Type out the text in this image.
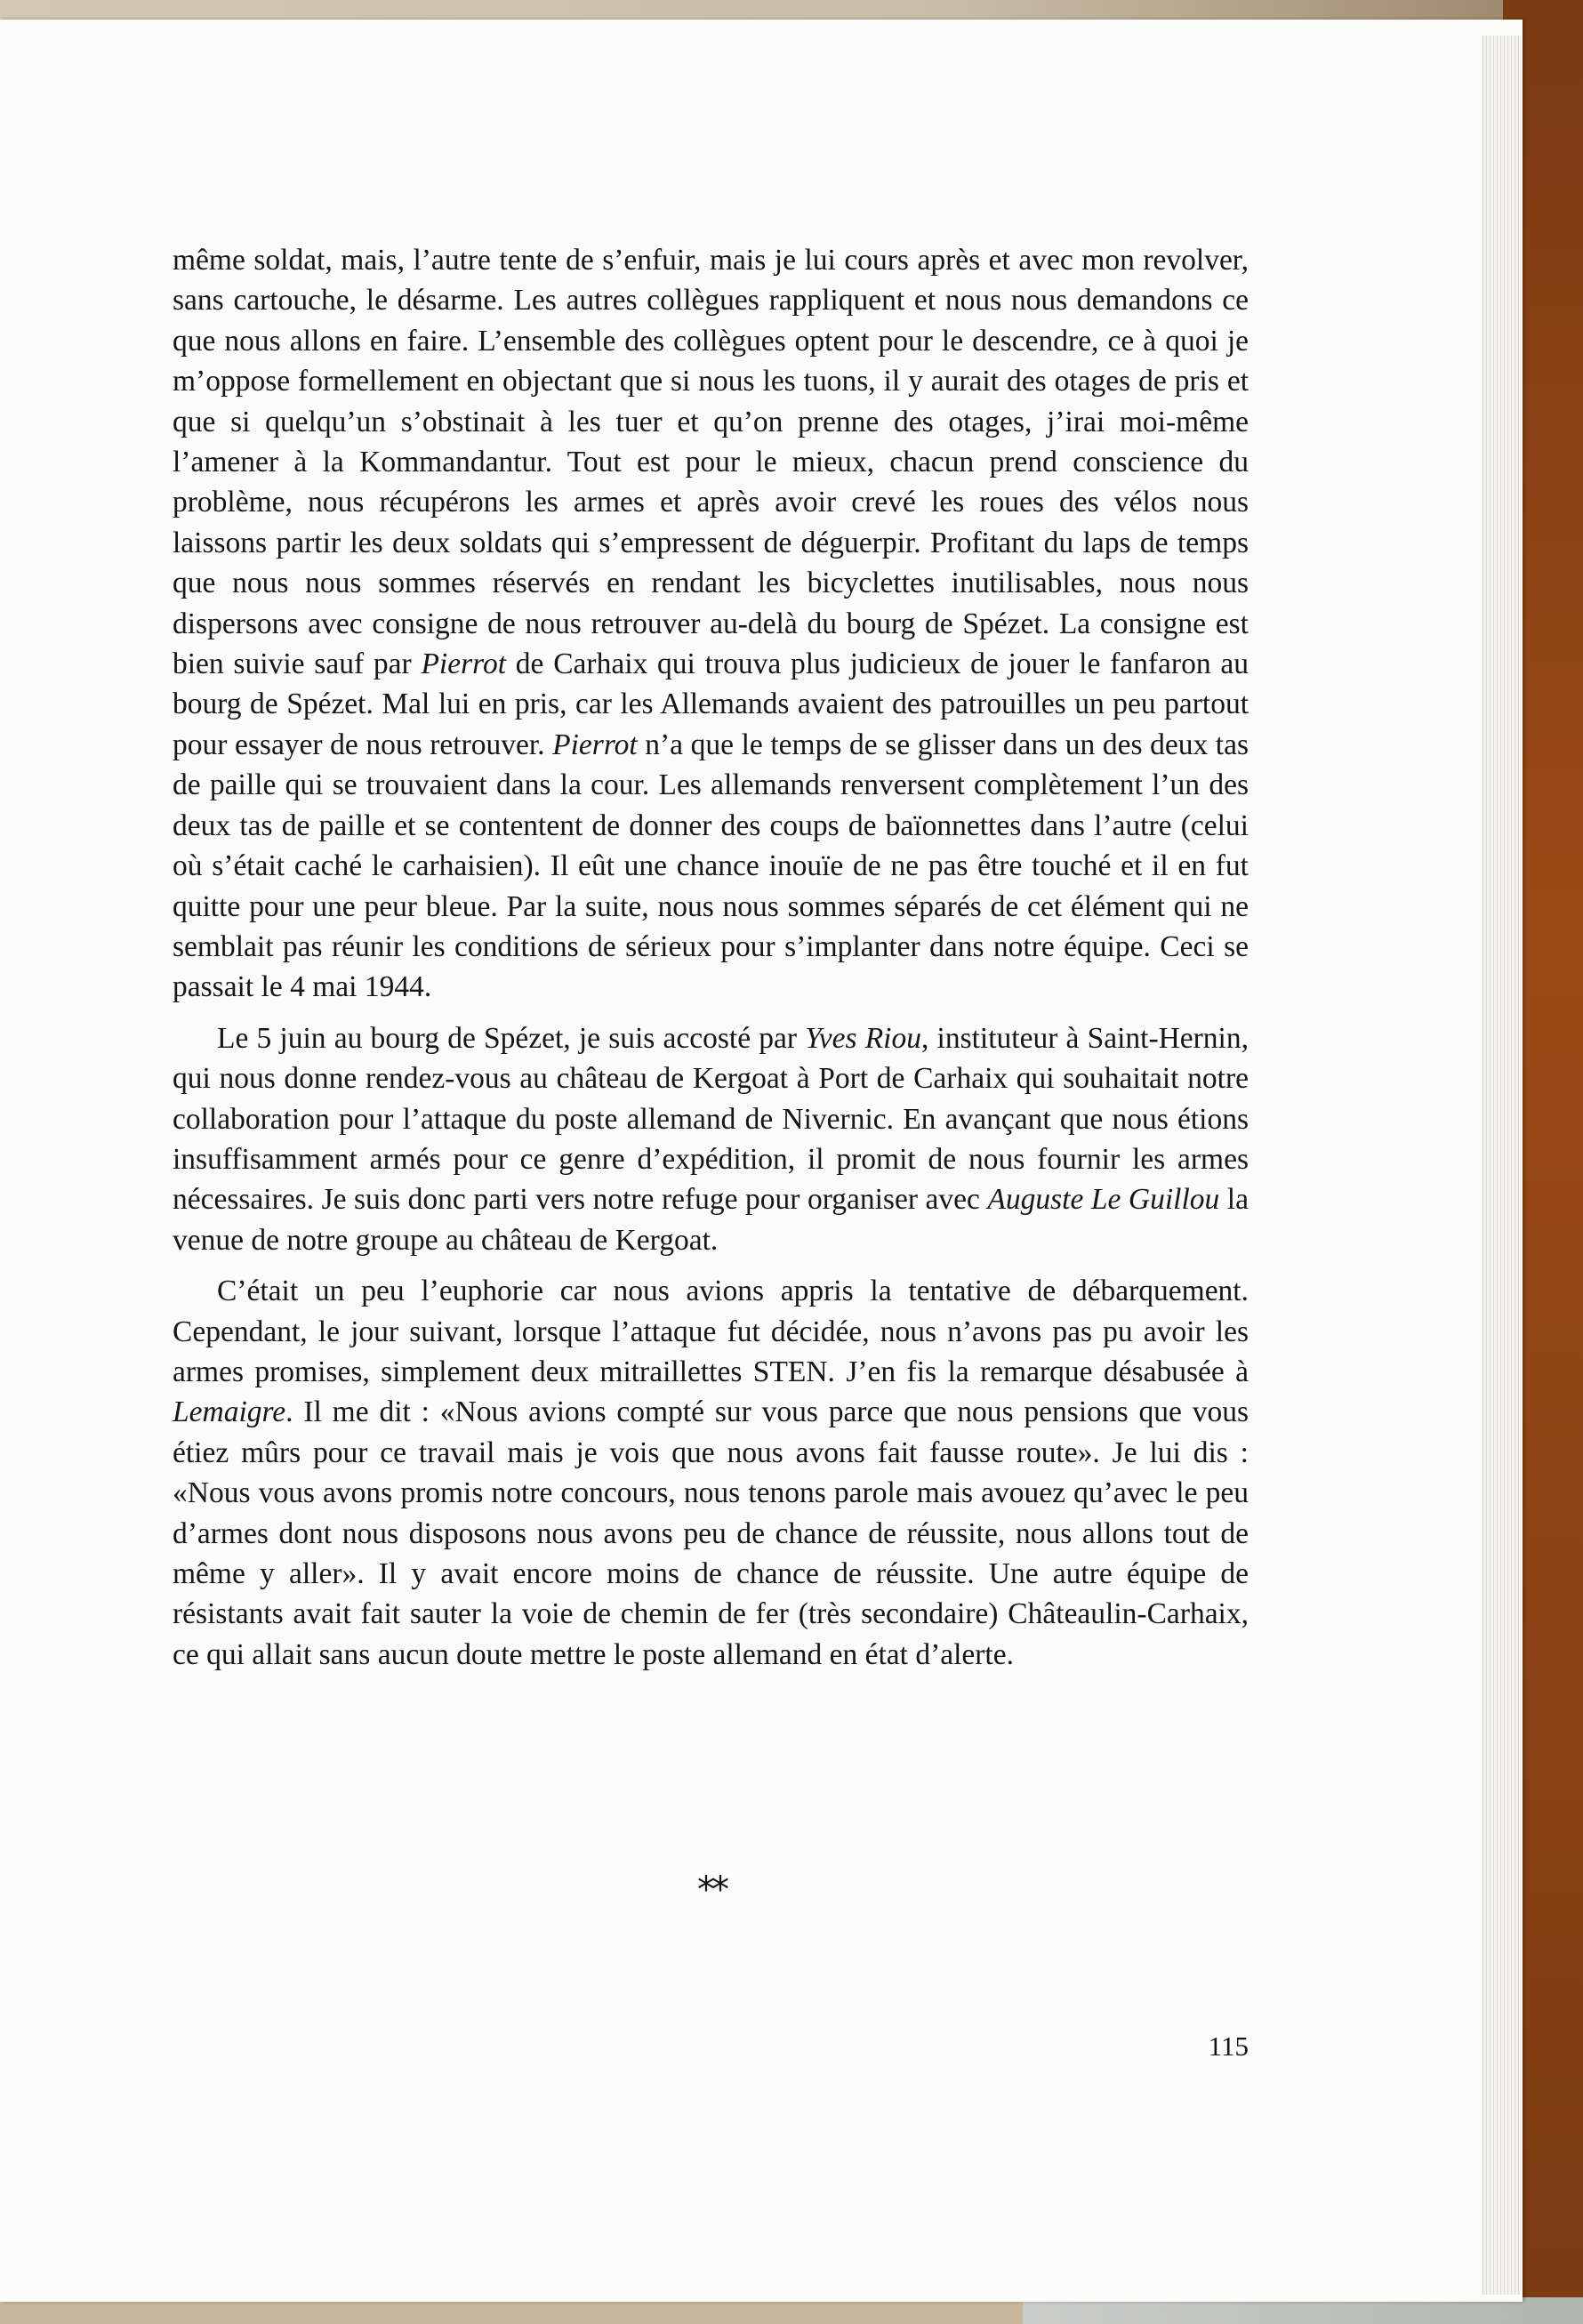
même soldat, mais, l’autre tente de s’enfuir, mais je lui cours après et avec mon revolver, sans cartouche, le désarme. Les autres collègues rappliquent et nous nous demandons ce que nous allons en faire. L’ensemble des collègues optent pour le descendre, ce à quoi je m’oppose formellement en objectant que si nous les tuons, il y aurait des otages de pris et que si quelqu’un s’obstinait à les tuer et qu’on prenne des otages, j’irai moi-même l’amener à la Kommandantur. Tout est pour le mieux, chacun prend conscience du problème, nous récupérons les armes et après avoir crevé les roues des vélos nous laissons partir les deux soldats qui s’empressent de déguerpir. Profitant du laps de temps que nous nous sommes réservés en rendant les bicyclettes inutilisables, nous nous dispersons avec consigne de nous retrouver au-delà du bourg de Spézet. La consigne est bien suivie sauf par Pierrot de Carhaix qui trouva plus judicieux de jouer le fanfaron au bourg de Spézet. Mal lui en pris, car les Allemands avaient des patrouilles un peu partout pour essayer de nous retrouver. Pierrot n’a que le temps de se glisser dans un des deux tas de paille qui se trouvaient dans la cour. Les allemands renversent complètement l’un des deux tas de paille et se contentent de donner des coups de baïonnettes dans l’autre (celui où s’était caché le carhaisien). Il eût une chance inouïe de ne pas être touché et il en fut quitte pour une peur bleue. Par la suite, nous nous sommes séparés de cet élément qui ne semblait pas réunir les conditions de sérieux pour s’implanter dans notre équipe. Ceci se passait le 4 mai 1944.

Le 5 juin au bourg de Spézet, je suis accosté par Yves Riou, instituteur à Saint-Hernin, qui nous donne rendez-vous au château de Kergoat à Port de Carhaix qui souhaitait notre collaboration pour l’attaque du poste allemand de Nivernic. En avançant que nous étions insuffisamment armés pour ce genre d’expédition, il promit de nous fournir les armes nécessaires. Je suis donc parti vers notre refuge pour organiser avec Auguste Le Guillou la venue de notre groupe au château de Kergoat.

C’était un peu l’euphorie car nous avions appris la tentative de débarquement. Cependant, le jour suivant, lorsque l’attaque fut décidée, nous n’avons pas pu avoir les armes promises, simplement deux mitraillettes STEN. J’en fis la remarque désabusée à Lemaigre. Il me dit : «Nous avions compté sur vous parce que nous pensions que vous étiez mûrs pour ce travail mais je vois que nous avons fait fausse route». Je lui dis : «Nous vous avons promis notre concours, nous tenons parole mais avouez qu’avec le peu d’armes dont nous disposons nous avons peu de chance de réussite, nous allons tout de même y aller». Il y avait encore moins de chance de réussite. Une autre équipe de résistants avait fait sauter la voie de chemin de fer (très secondaire) Châteaulin-Carhaix, ce qui allait sans aucun doute mettre le poste allemand en état d’alerte.

**
115
